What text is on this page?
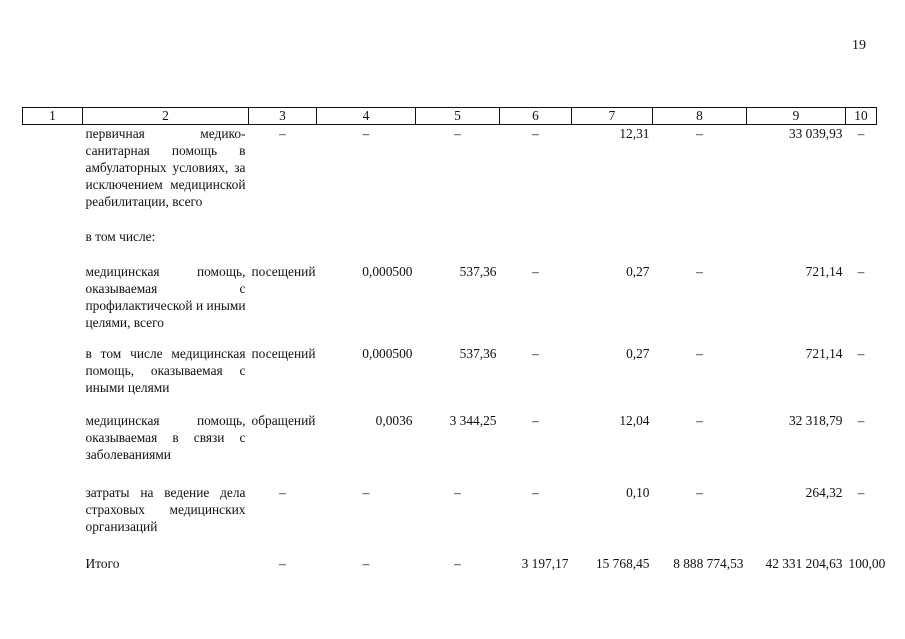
19
1	2	3	4	5	6	7	8	9	10
	первичная медико-санитарная помощь в амбулаторных условиях, за исключением медицинской реабилитации, всего	–	–	–	–	12,31	–	33 039,93	–
	в том числе:								
	медицинская помощь, оказываемая с профилактической и иными целями, всего	посещений	0,000500	537,36	–	0,27	–	721,14	–
	в том числе медицинская помощь, оказываемая с иными целями	посещений	0,000500	537,36	–	0,27	–	721,14	–
	медицинская помощь, оказываемая в связи с заболеваниями	обращений	0,0036	3 344,25	–	12,04	–	32 318,79	–
	затраты на ведение дела страховых медицинских организаций	–	–	–	–	0,10	–	264,32	–
	Итого	–	–	–	3 197,17	15 768,45	8 888 774,53	42 331 204,63	100,00
